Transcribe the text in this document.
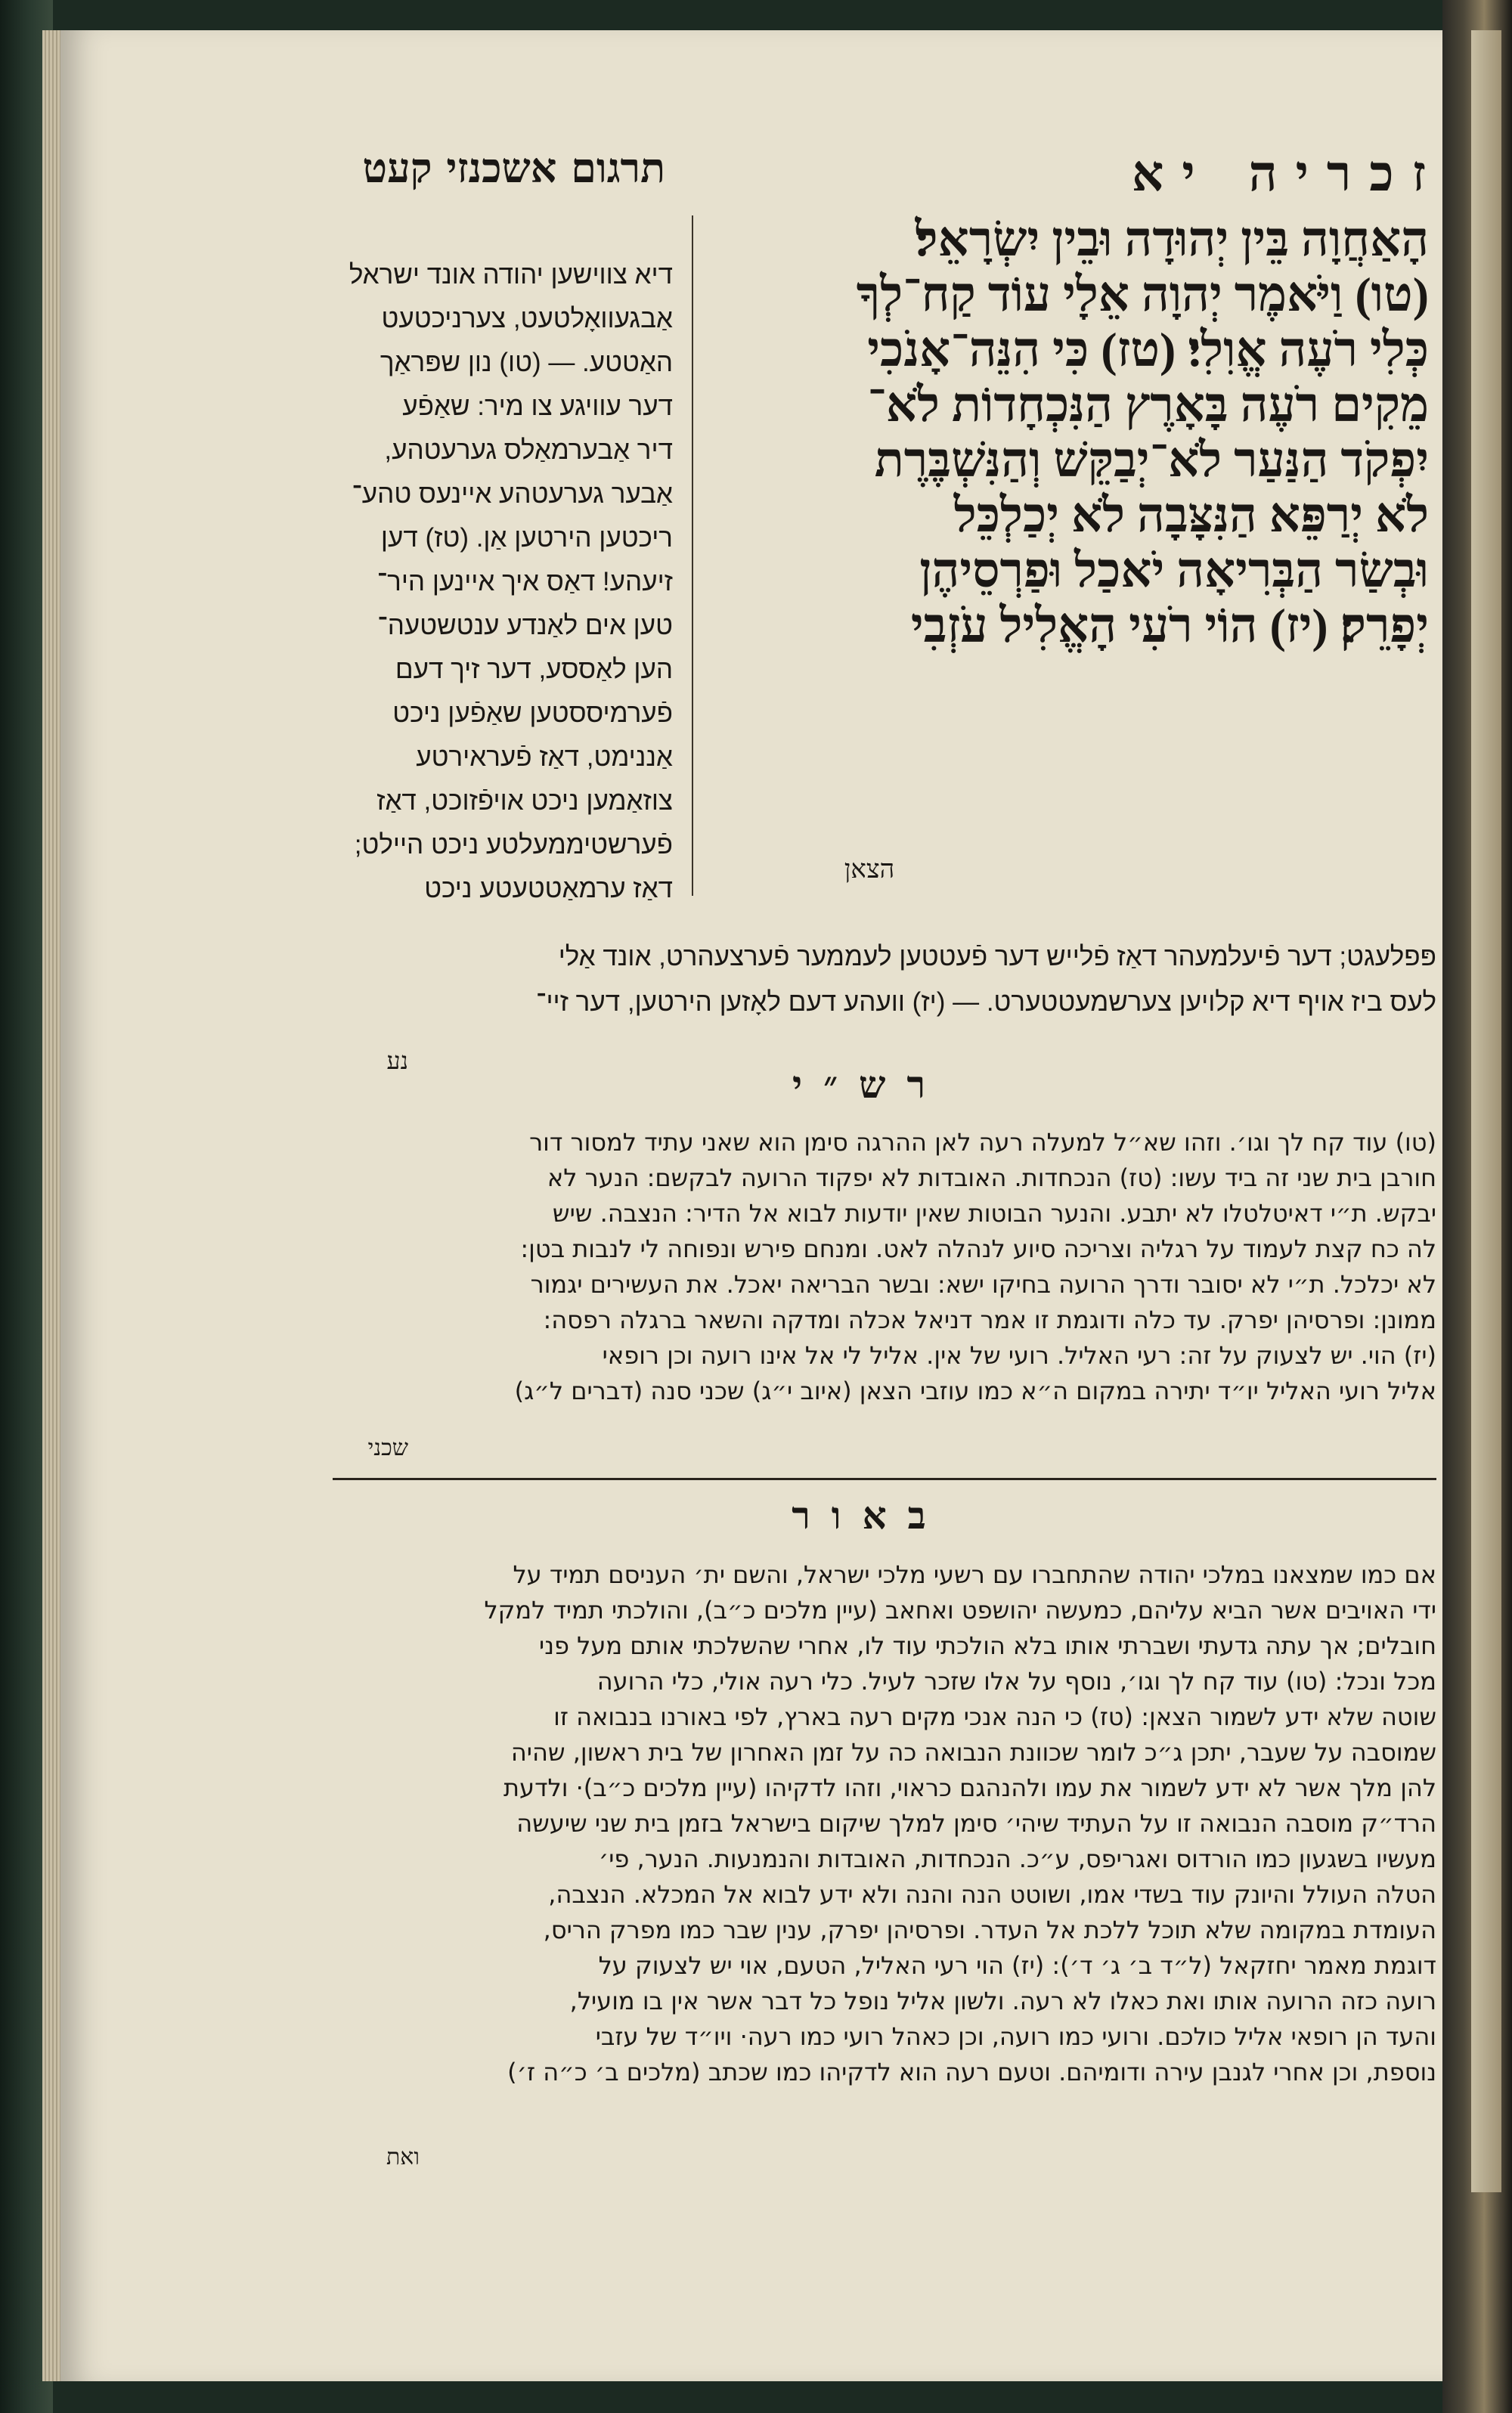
זכריה יא
תרגום אשכנזי קעט
הָאַחֲוָה בֵּין יְהוּדָה וּבֵין יִשְׂרָאֵל׃
(טו) וַיֹּאמֶר יְהוָה אֵלָי עוֹד קַח־לְךָ
כְּלִי רֹעֶה אֱוִלִי׃ (טז) כִּי הִנֵּה־אָנֹכִי
מֵקִים רֹעֶה בָּאָרֶץ הַנִּכְחָדוֹת לֹא־
יִפְקֹד הַנַּעַר לֹא־יְבַקֵּשׁ וְהַנִּשְׁבֶּרֶת
לֹא יְרַפֵּא הַנִּצָּבָה לֹא יְכַלְכֵּל
וּבְשַׂר הַבְּרִיאָה יֹאכַל וּפַרְסֵיהֶן
יְפָרֵק׃ (יז) הוֹי רֹעִי הָאֱלִיל עֹזְבִי
הצאן
דיא צווישען יהודה אונד ישראל
אַבגעוואָלטעט, צערניכטעט
האַטטע. — (טו) נון שפּראַך
דער עוויגע צו מיר: שאַפֿע
דיר אַבערמאַלס גערעטהע,
אַבער גערעטהע איינעס טהע־
ריכטען הירטען אַן. (טז) דען
זיעהע! דאַס איך איינען היר־
טען אים לאַנדע ענטשטעה־
הען לאַססע, דער זיך דעם
פֿערמיססטען שאַפֿען ניכט
אַננימט, דאַז פֿעראירטע
צוזאַמען ניכט אויפֿזוכט, דאַז
פֿערשטיממעלטע ניכט היילט;
דאַז ערמאַטטעטע ניכט
פּפלעגט; דער פֿיעלמעהר דאַז פֿלייש דער פֿעטטען לעממער פֿערצעהרט, אונד אַלי
לעס ביז אויף דיא קלויען צערשמעטטערט. — (יז) וועהע דעם לאָזען הירטען, דער זיי־
נע
רש״י
(טו) עוד קח לך וגו׳. וזהו שא״ל למעלה רעה לאן ההרגה סימן הוא שאני עתיד למסור דור
חורבן בית שני זה ביד עשו: (טז) הנכחדות. האובדות לא יפקוד הרועה לבקשם: הנער לא
יבקש. ת״י דאיטלטלו לא יתבע. והנער הבוטות שאין יודעות לבוא אל הדיר: הנצבה. שיש
לה כח קצת לעמוד על רגליה וצריכה סיוע לנהלה לאט. ומנחם פירש ונפוחה לי לנבות בטן:
לא יכלכל. ת״י לא יסובר ודרך הרועה בחיקו ישא: ובשר הבריאה יאכל. את העשירים יגמור
ממונן: ופרסיהן יפרק. עד כלה ודוגמת זו אמר דניאל אכלה ומדקה והשאר ברגלה רפסה:
(יז) הוי. יש לצעוק על זה: רעי האליל. רועי של אין. אליל לי אל אינו רועה וכן רופאי
אליל רועי האליל יו״ד יתירה במקום ה״א כמו עוזבי הצאן (איוב י״ג) שכני סנה (דברים ל״ג)
שכני
באור
אם כמו שמצאנו במלכי יהודה שהתחברו עם רשעי מלכי ישראל, והשם ית׳ העניסם תמיד על
ידי האויבים אשר הביא עליהם, כמעשה יהושפט ואחאב (עיין מלכים כ״ב), והולכתי תמיד למקל
חובלים; אך עתה גדעתי ושברתי אותו בלא הולכתי עוד לו, אחרי שהשלכתי אותם מעל פני
מכל ונכל: (טו) עוד קח לך וגו׳, נוסף על אלו שזכר לעיל. כלי רעה אולי, כלי הרועה
שוטה שלא ידע לשמור הצאן: (טז) כי הנה אנכי מקים רעה בארץ, לפי באורנו בנבואה זו
שמוסבה על שעבר, יתכן ג״כ לומר שכוונת הנבואה כה על זמן האחרון של בית ראשון, שהיה
להן מלך אשר לא ידע לשמור את עמו ולהנהגם כראוי, וזהו לדקיהו (עיין מלכים כ״ב)· ולדעת
הרד״ק מוסבה הנבואה זו על העתיד שיהי׳ סימן למלך שיקום בישראל בזמן בית שני שיעשה
מעשיו בשגעון כמו הורדוס ואגריפס, ע״כ. הנכחדות, האובדות והנמנעות. הנער, פי׳
הטלה העולל והיונק עוד בשדי אמו, ושוטט הנה והנה ולא ידע לבוא אל המכלא. הנצבה,
העומדת במקומה שלא תוכל ללכת אל העדר. ופרסיהן יפרק, ענין שבר כמו מפרק הריס,
דוגמת מאמר יחזקאל (ל״ד ב׳ ג׳ ד׳): (יז) הוי רעי האליל, הטעם, אוי יש לצעוק על
רועה כזה הרועה אותו ואת כאלו לא רעה. ולשון אליל נופל כל דבר אשר אין בו מועיל,
והעד הן רופאי אליל כולכם. ורועי כמו רועה, וכן כאהל רועי כמו רעה· ויו״ד של עזבי
נוספת, וכן אחרי לגנבן עירה ודומיהם. וטעם רעה הוא לדקיהו כמו שכתב (מלכים ב׳ כ״ה ז׳)
ואת
